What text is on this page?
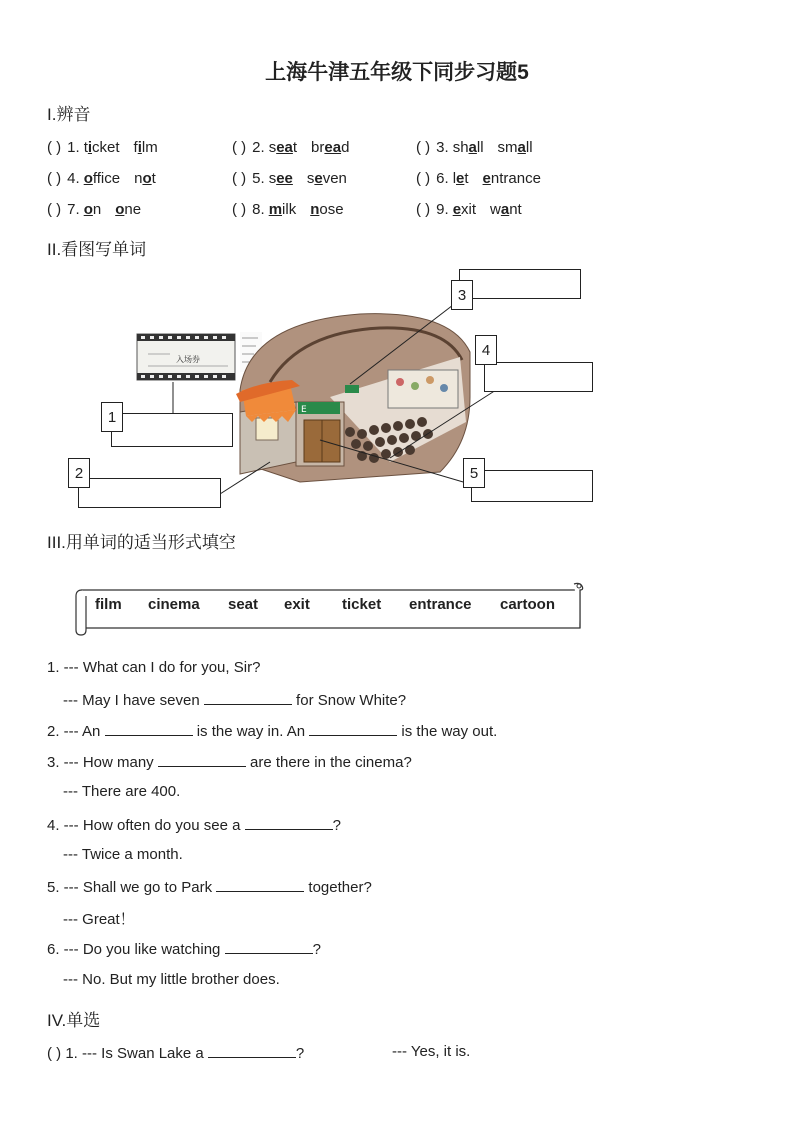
上海牛津五年级下同步习题5
I.辨音
( ) 1. ticket film	( ) 2. seat bread	( ) 3. shall small
( ) 4. office not	( ) 5. see seven	( ) 6. let entrance
( ) 7. on one	( ) 8. milk nose	( ) 9. exit want
II.看图写单词
入场券
E
1
2
3
4
5
III.用单词的适当形式填空
film cinema seat exit ticket entrance cartoon
1. --- What can I do for you, Sir?
--- May I have seven	for Snow White?
2. --- An	is the way in. An	is the way out.
3. --- How many	are there in the cinema?
--- There are 400.
4. --- How often do you see a	?
--- Twice a month.
5. --- Shall we go to Park	together?
--- Great！
6. --- Do you like watching	?
--- No. But my little brother does.
IV.单选
( ) 1. --- Is Swan Lake a	?	--- Yes, it is.
